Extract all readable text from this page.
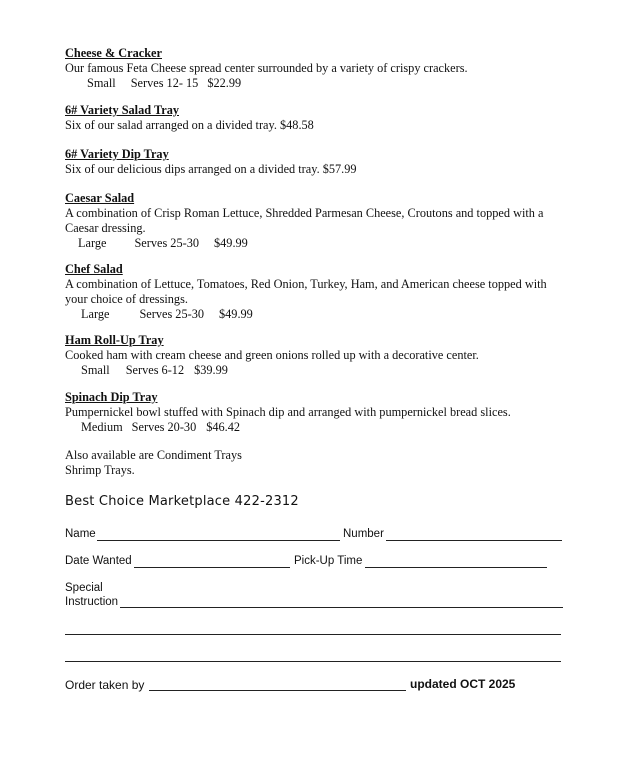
Cheese & Cracker
Our famous Feta Cheese spread center surrounded by a variety of crispy crackers.
Small Serves 12- 15 $22.99
6# Variety Salad Tray
Six of our salad arranged on a divided tray. $48.58
6# Variety Dip Tray
Six of our delicious dips arranged on a divided tray. $57.99
Caesar Salad
A combination of Crisp Roman Lettuce, Shredded Parmesan Cheese, Croutons and topped with a Caesar dressing.
Large Serves 25-30 $49.99
Chef Salad
A combination of Lettuce, Tomatoes, Red Onion, Turkey, Ham, and American cheese topped with your choice of dressings.
Large Serves 25-30 $49.99
Ham Roll-Up Tray
Cooked ham with cream cheese and green onions rolled up with a decorative center.
Small Serves 6-12 $39.99
Spinach Dip Tray
Pumpernickel bowl stuffed with Spinach dip and arranged with pumpernickel bread slices.
Medium Serves 20-30 $46.42
Also available are Condiment Trays
Shrimp Trays.
Best Choice Marketplace 422-2312
Name	Number
Date Wanted	Pick-Up Time
Special
Instruction
Order taken by	updated OCT 2025
